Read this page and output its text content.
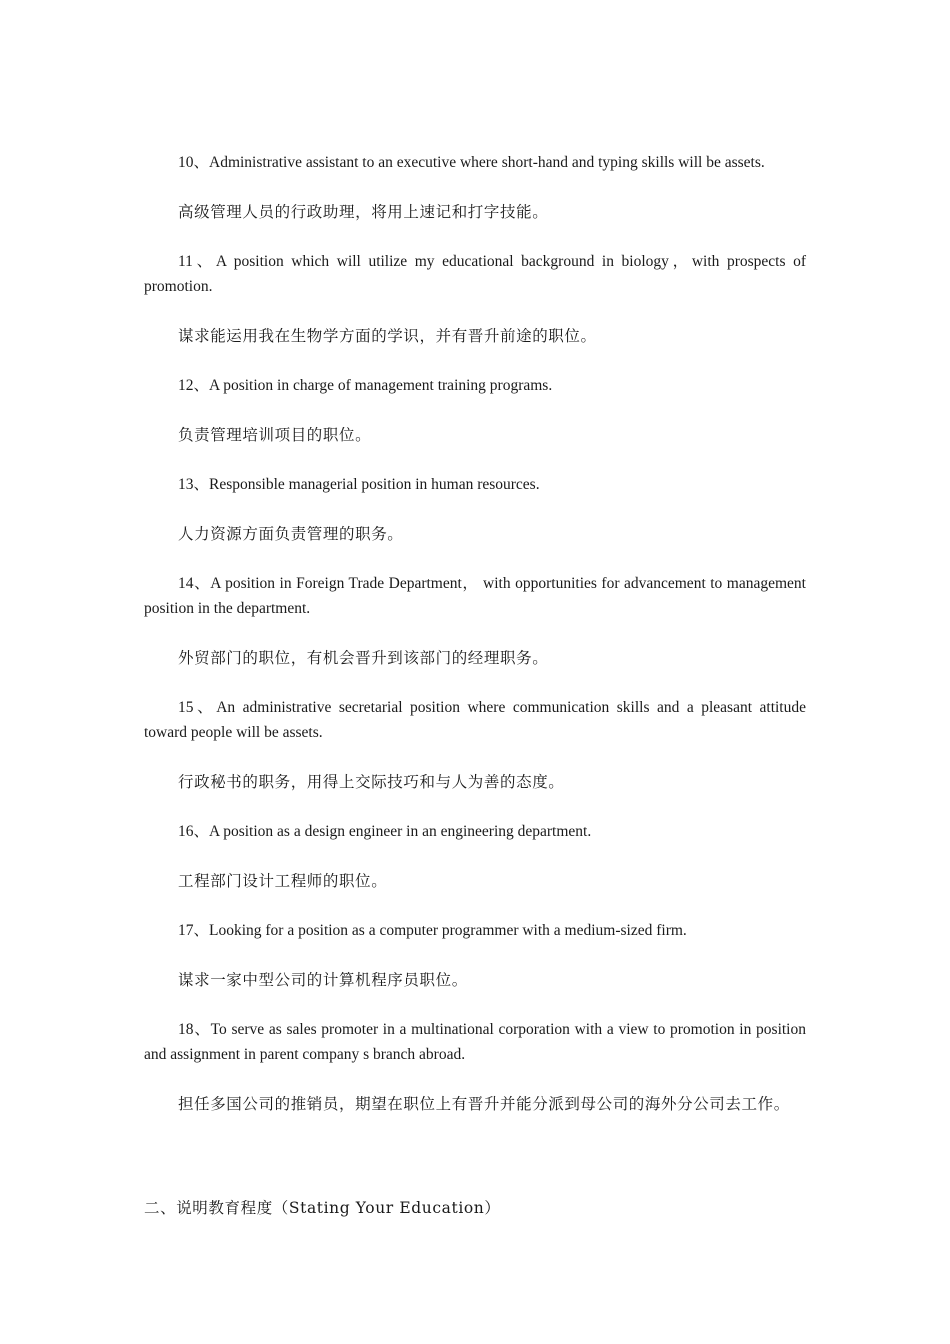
10、Administrative assistant to an executive where short-hand and typing skills will be assets.

高级管理人员的行政助理，将用上速记和打字技能。

11、A position which will utilize my educational background in biology，with prospects of promotion.

谋求能运用我在生物学方面的学识，并有晋升前途的职位。

12、A position in charge of management training programs.

负责管理培训项目的职位。

13、Responsible managerial position in human resources.

人力资源方面负责管理的职务。

14、A position in Foreign Trade Department， with opportunities for advancement to management position in the department.

外贸部门的职位，有机会晋升到该部门的经理职务。

15、An administrative secretarial position where communication skills and a pleasant attitude toward people will be assets.

行政秘书的职务，用得上交际技巧和与人为善的态度。

16、A position as a design engineer in an engineering department.

工程部门设计工程师的职位。

17、Looking for a position as a computer programmer with a medium-sized firm.

谋求一家中型公司的计算机程序员职位。

18、To serve as sales promoter in a multinational corporation with a view to promotion in position and assignment in parent company s branch abroad.

担任多国公司的推销员，期望在职位上有晋升并能分派到母公司的海外分公司去工作。

二、说明教育程度（Stating Your Education）
